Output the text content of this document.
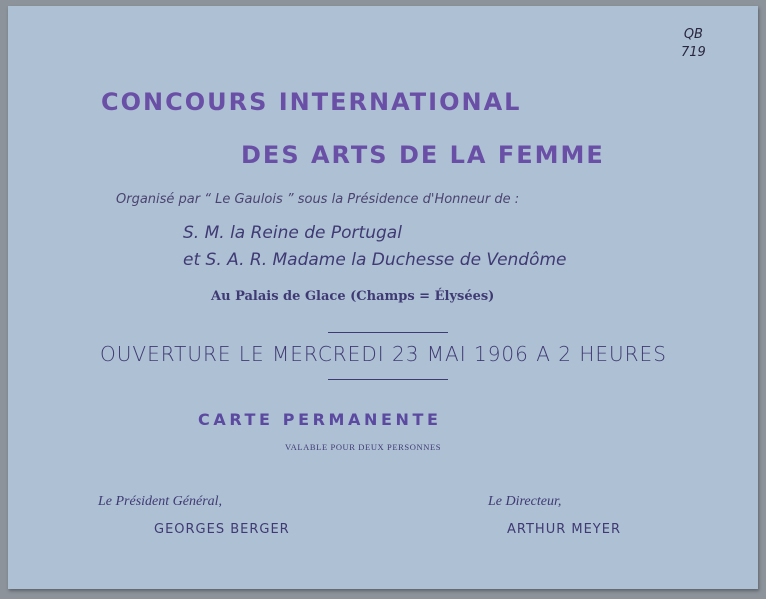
QB
719
CONCOURS INTERNATIONAL
DES ARTS DE LA FEMME
Organisé par “ Le Gaulois ” sous la Présidence d'Honneur de :
S. M. la Reine de Portugal
et S. A. R. Madame la Duchesse de Vendôme
Au Palais de Glace (Champs = Élysées)
OUVERTURE LE MERCREDI 23 MAI 1906 A 2 HEURES
CARTE PERMANENTE
VALABLE POUR DEUX PERSONNES
Le Président Général,
GEORGES BERGER
Le Directeur,
ARTHUR MEYER
